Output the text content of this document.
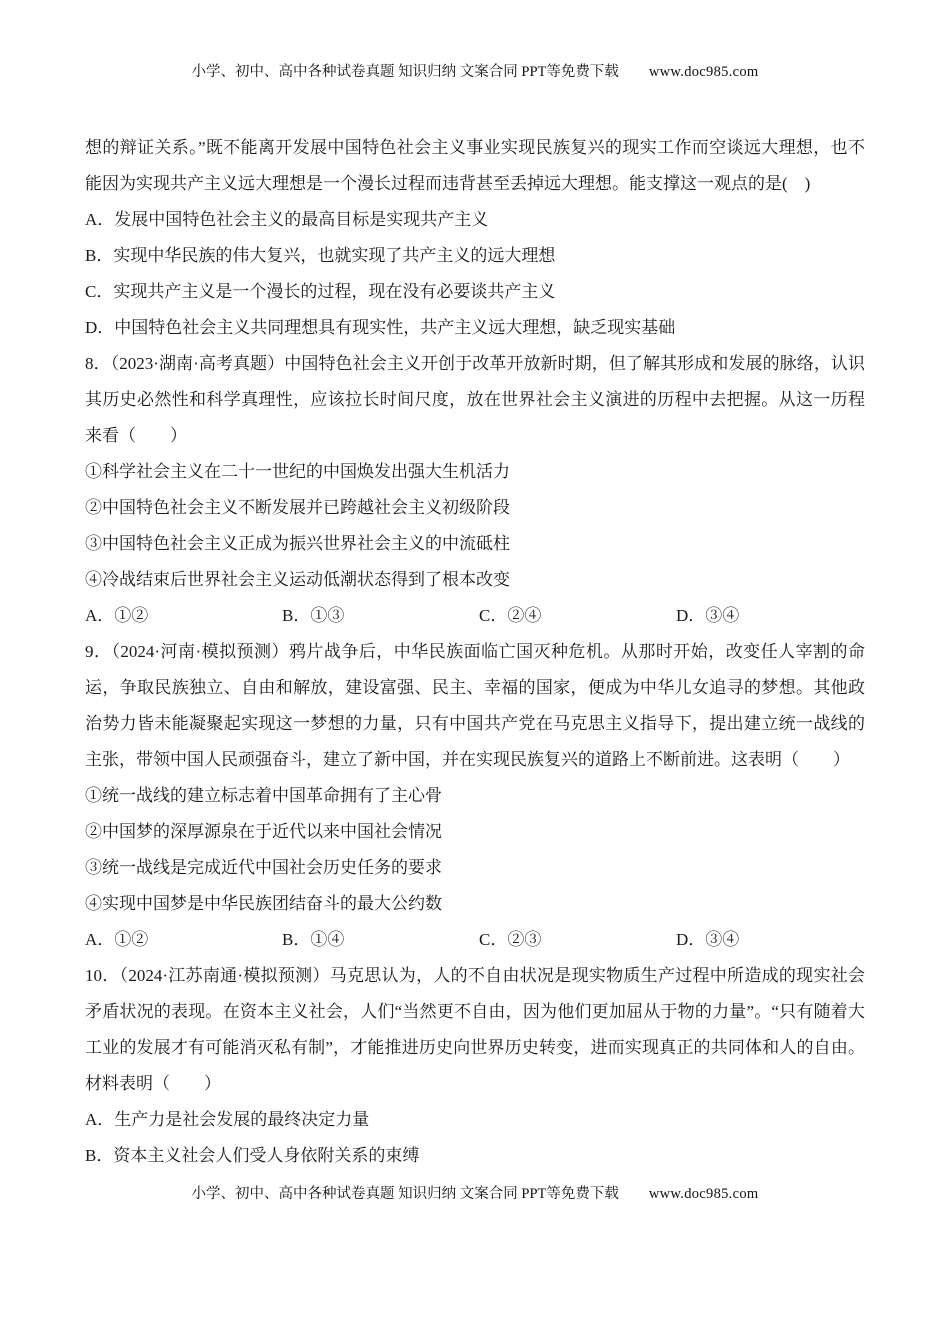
小学、初中、高中各种试卷真题 知识归纳 文案合同 PPT等免费下载 www.doc985.com

想的辩证关系。”既不能离开发展中国特色社会主义事业实现民族复兴的现实工作而空谈远大理想，也不能因为实现共产主义远大理想是一个漫长过程而违背甚至丢掉远大理想。能支撑这一观点的是(　)

A．发展中国特色社会主义的最高目标是实现共产主义

B．实现中华民族的伟大复兴，也就实现了共产主义的远大理想

C．实现共产主义是一个漫长的过程，现在没有必要谈共产主义

D．中国特色社会主义共同理想具有现实性，共产主义远大理想，缺乏现实基础

8．（2023·湖南·高考真题）中国特色社会主义开创于改革开放新时期，但了解其形成和发展的脉络，认识其历史必然性和科学真理性，应该拉长时间尺度，放在世界社会主义演进的历程中去把握。从这一历程来看（　　）

①科学社会主义在二十一世纪的中国焕发出强大生机活力

②中国特色社会主义不断发展并已跨越社会主义初级阶段

③中国特色社会主义正成为振兴世界社会主义的中流砥柱

④冷战结束后世界社会主义运动低潮状态得到了根本改变

A．①②	B．①③	C．②④	D．③④

9．（2024·河南·模拟预测）鸦片战争后，中华民族面临亡国灭种危机。从那时开始，改变任人宰割的命运，争取民族独立、自由和解放，建设富强、民主、幸福的国家，便成为中华儿女追寻的梦想。其他政治势力皆未能凝聚起实现这一梦想的力量，只有中国共产党在马克思主义指导下，提出建立统一战线的主张，带领中国人民顽强奋斗，建立了新中国，并在实现民族复兴的道路上不断前进。这表明（　　）

①统一战线的建立标志着中国革命拥有了主心骨

②中国梦的深厚源泉在于近代以来中国社会情况

③统一战线是完成近代中国社会历史任务的要求

④实现中国梦是中华民族团结奋斗的最大公约数

A．①②	B．①④	C．②③	D．③④

10．（2024·江苏南通·模拟预测）马克思认为，人的不自由状况是现实物质生产过程中所造成的现实社会矛盾状况的表现。在资本主义社会，人们“当然更不自由，因为他们更加屈从于物的力量”。“只有随着大工业的发展才有可能消灭私有制”，才能推进历史向世界历史转变，进而实现真正的共同体和人的自由。材料表明（　　）

A．生产力是社会发展的最终决定力量

B．资本主义社会人们受人身依附关系的束缚

小学、初中、高中各种试卷真题 知识归纳 文案合同 PPT等免费下载 www.doc985.com
